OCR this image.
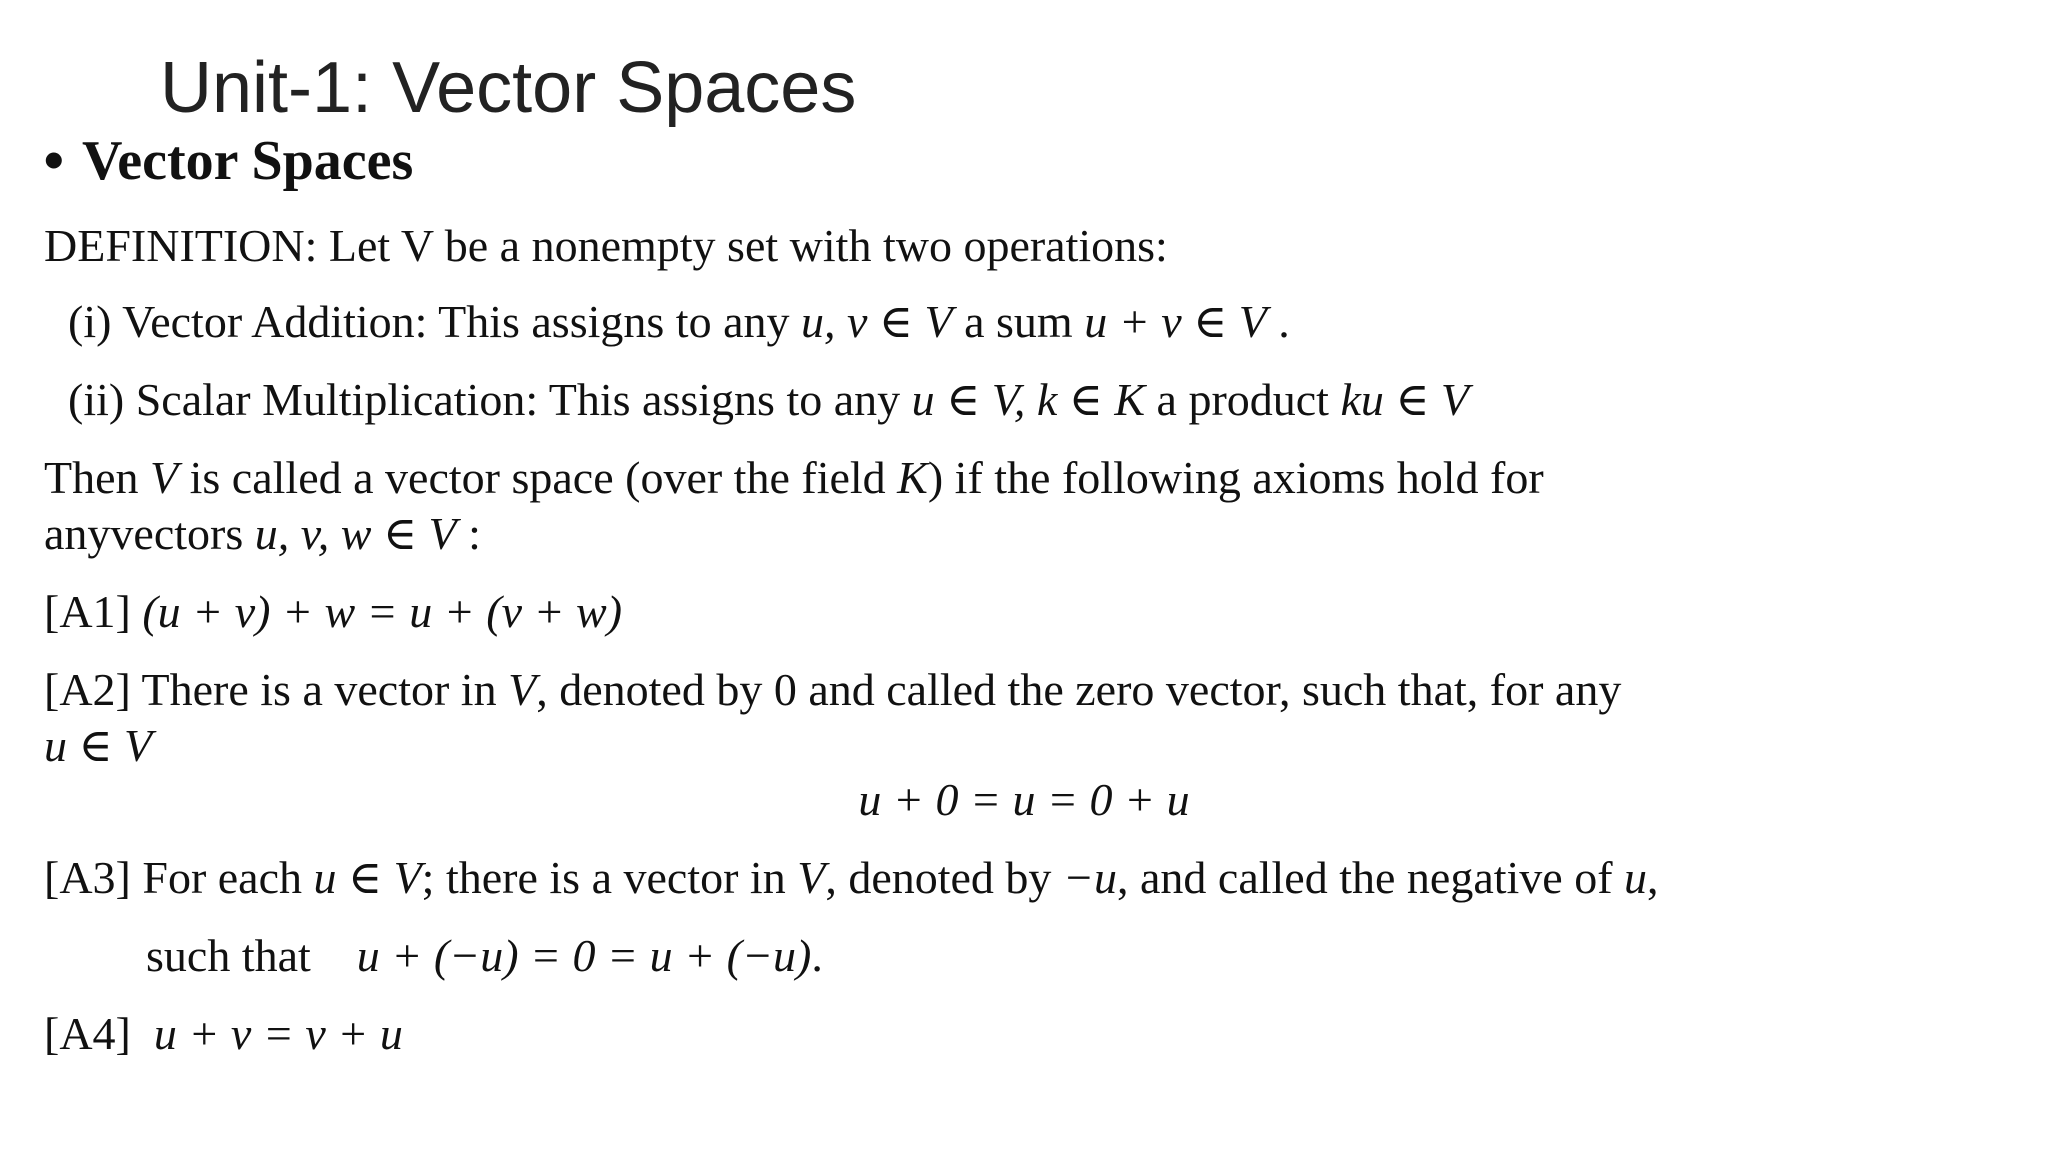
Unit-1: Vector Spaces
• Vector Spaces
DEFINITION: Let V be a nonempty set with two operations:
(i) Vector Addition: This assigns to any u, v ∈ V a sum u + v ∈ V .
(ii) Scalar Multiplication: This assigns to any u ∈ V, k ∈ K a product ku ∈ V
Then V is called a vector space (over the field K) if the following axioms hold for
anyvectors u, v, w ∈ V :
[A1] (u + v) + w = u + (v + w)
[A2] There is a vector in V, denoted by 0 and called the zero vector, such that, for any
u ∈ V
u + 0 = u = 0 + u
[A3] For each u ∈ V; there is a vector in V, denoted by −u, and called the negative of u,
such that    u + (−u) = 0 = u + (−u).
[A4]  u + v = v + u
